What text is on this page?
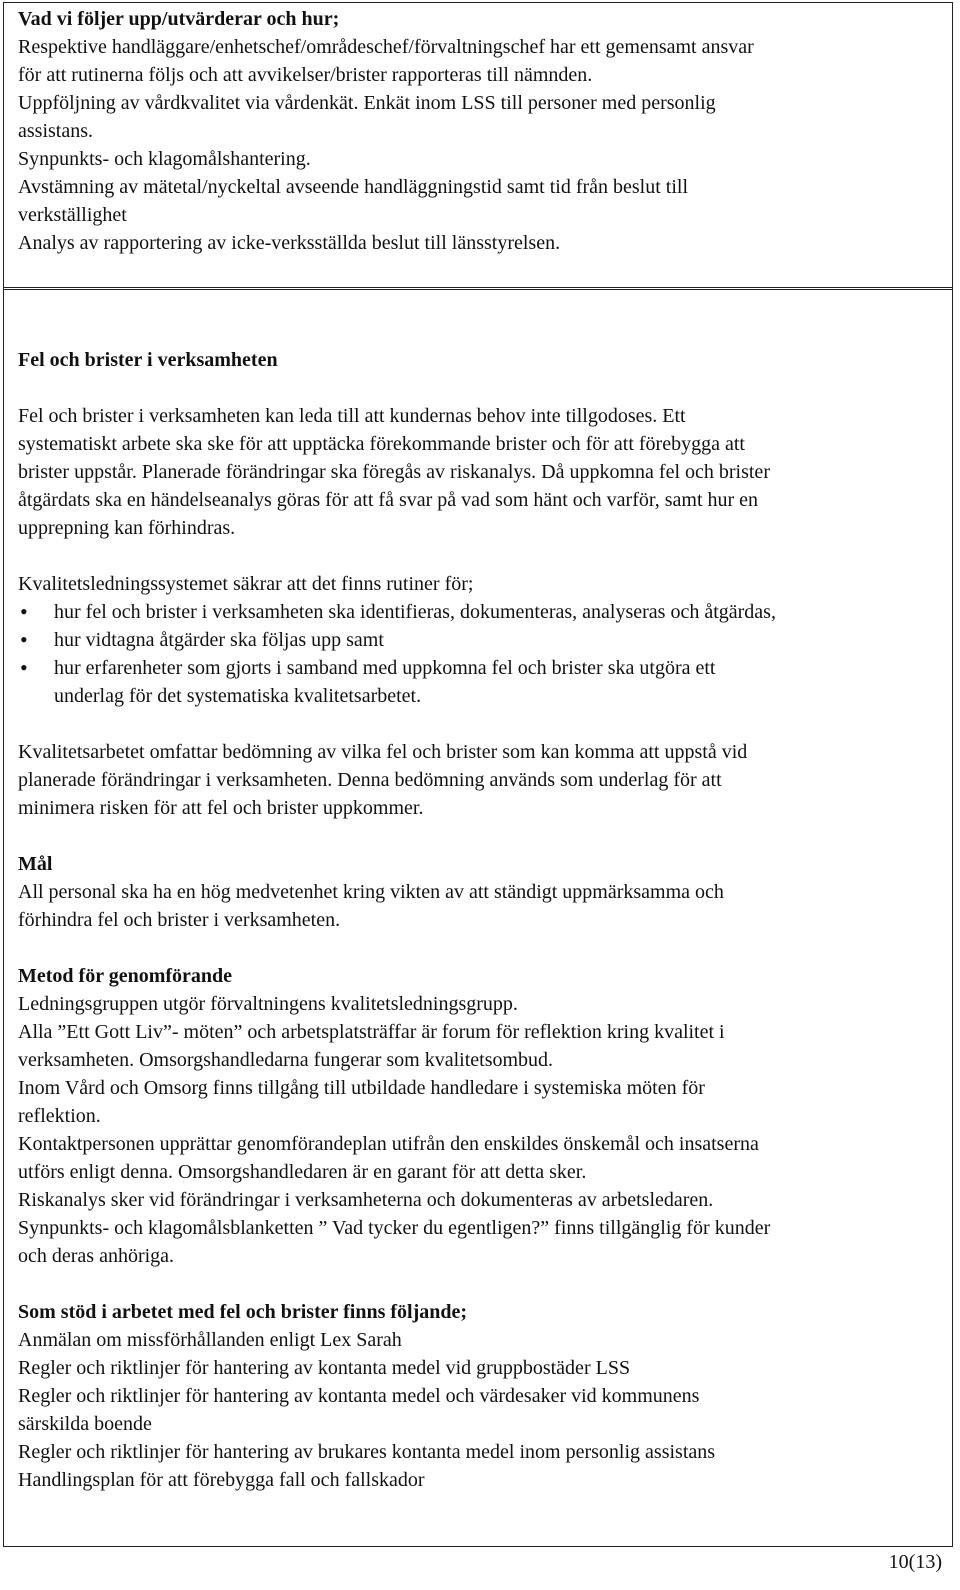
Vad vi följer upp/utvärderar och hur;
Respektive handläggare/enhetschef/områdeschef/förvaltningschef har ett gemensamt ansvar
för att rutinerna följs och att avvikelser/brister rapporteras till nämnden.
Uppföljning av vårdkvalitet via vårdenkät. Enkät inom LSS till personer med personlig
assistans.
Synpunkts- och klagomålshantering.
Avstämning av mätetal/nyckeltal avseende handläggningstid samt tid från beslut till
verkställighet
Analys av rapportering av icke-verksställda beslut till länsstyrelsen.
Fel och brister i verksamheten
Fel och brister i verksamheten kan leda till att kundernas behov inte tillgodoses. Ett
systematiskt arbete ska ske för att upptäcka förekommande brister och för att förebygga att
brister uppstår. Planerade förändringar ska föregås av riskanalys. Då uppkomna fel och brister
åtgärdats ska en händelseanalys göras för att få svar på vad som hänt och varför, samt hur en
upprepning kan förhindras.
Kvalitetsledningssystemet säkrar att det finns rutiner för;
• hur fel och brister i verksamheten ska identifieras, dokumenteras, analyseras och åtgärdas,
• hur vidtagna åtgärder ska följas upp samt
• hur erfarenheter som gjorts i samband med uppkomna fel och brister ska utgöra ett
underlag för det systematiska kvalitetsarbetet.
Kvalitetsarbetet omfattar bedömning av vilka fel och brister som kan komma att uppstå vid
planerade förändringar i verksamheten. Denna bedömning används som underlag för att
minimera risken för att fel och brister uppkommer.
Mål
All personal ska ha en hög medvetenhet kring vikten av att ständigt uppmärksamma och
förhindra fel och brister i verksamheten.
Metod för genomförande
Ledningsgruppen utgör förvaltningens kvalitetsledningsgrupp.
Alla ”Ett Gott Liv”- möten” och arbetsplatsträffar är forum för reflektion kring kvalitet i
verksamheten. Omsorgshandledarna fungerar som kvalitetsombud.
Inom Vård och Omsorg finns tillgång till utbildade handledare i systemiska möten för
reflektion.
Kontaktpersonen upprättar genomförandeplan utifrån den enskildes önskemål och insatserna
utförs enligt denna. Omsorgshandledaren är en garant för att detta sker.
Riskanalys sker vid förändringar i verksamheterna och dokumenteras av arbetsledaren.
Synpunkts- och klagomålsblanketten ” Vad tycker du egentligen?” finns tillgänglig för kunder
och deras anhöriga.
Som stöd i arbetet med fel och brister finns följande;
Anmälan om missförhållanden enligt Lex Sarah
Regler och riktlinjer för hantering av kontanta medel vid gruppbostäder LSS
Regler och riktlinjer för hantering av kontanta medel och värdesaker vid kommunens
särskilda boende
Regler och riktlinjer för hantering av brukares kontanta medel inom personlig assistans
Handlingsplan för att förebygga fall och fallskador
10(13)
